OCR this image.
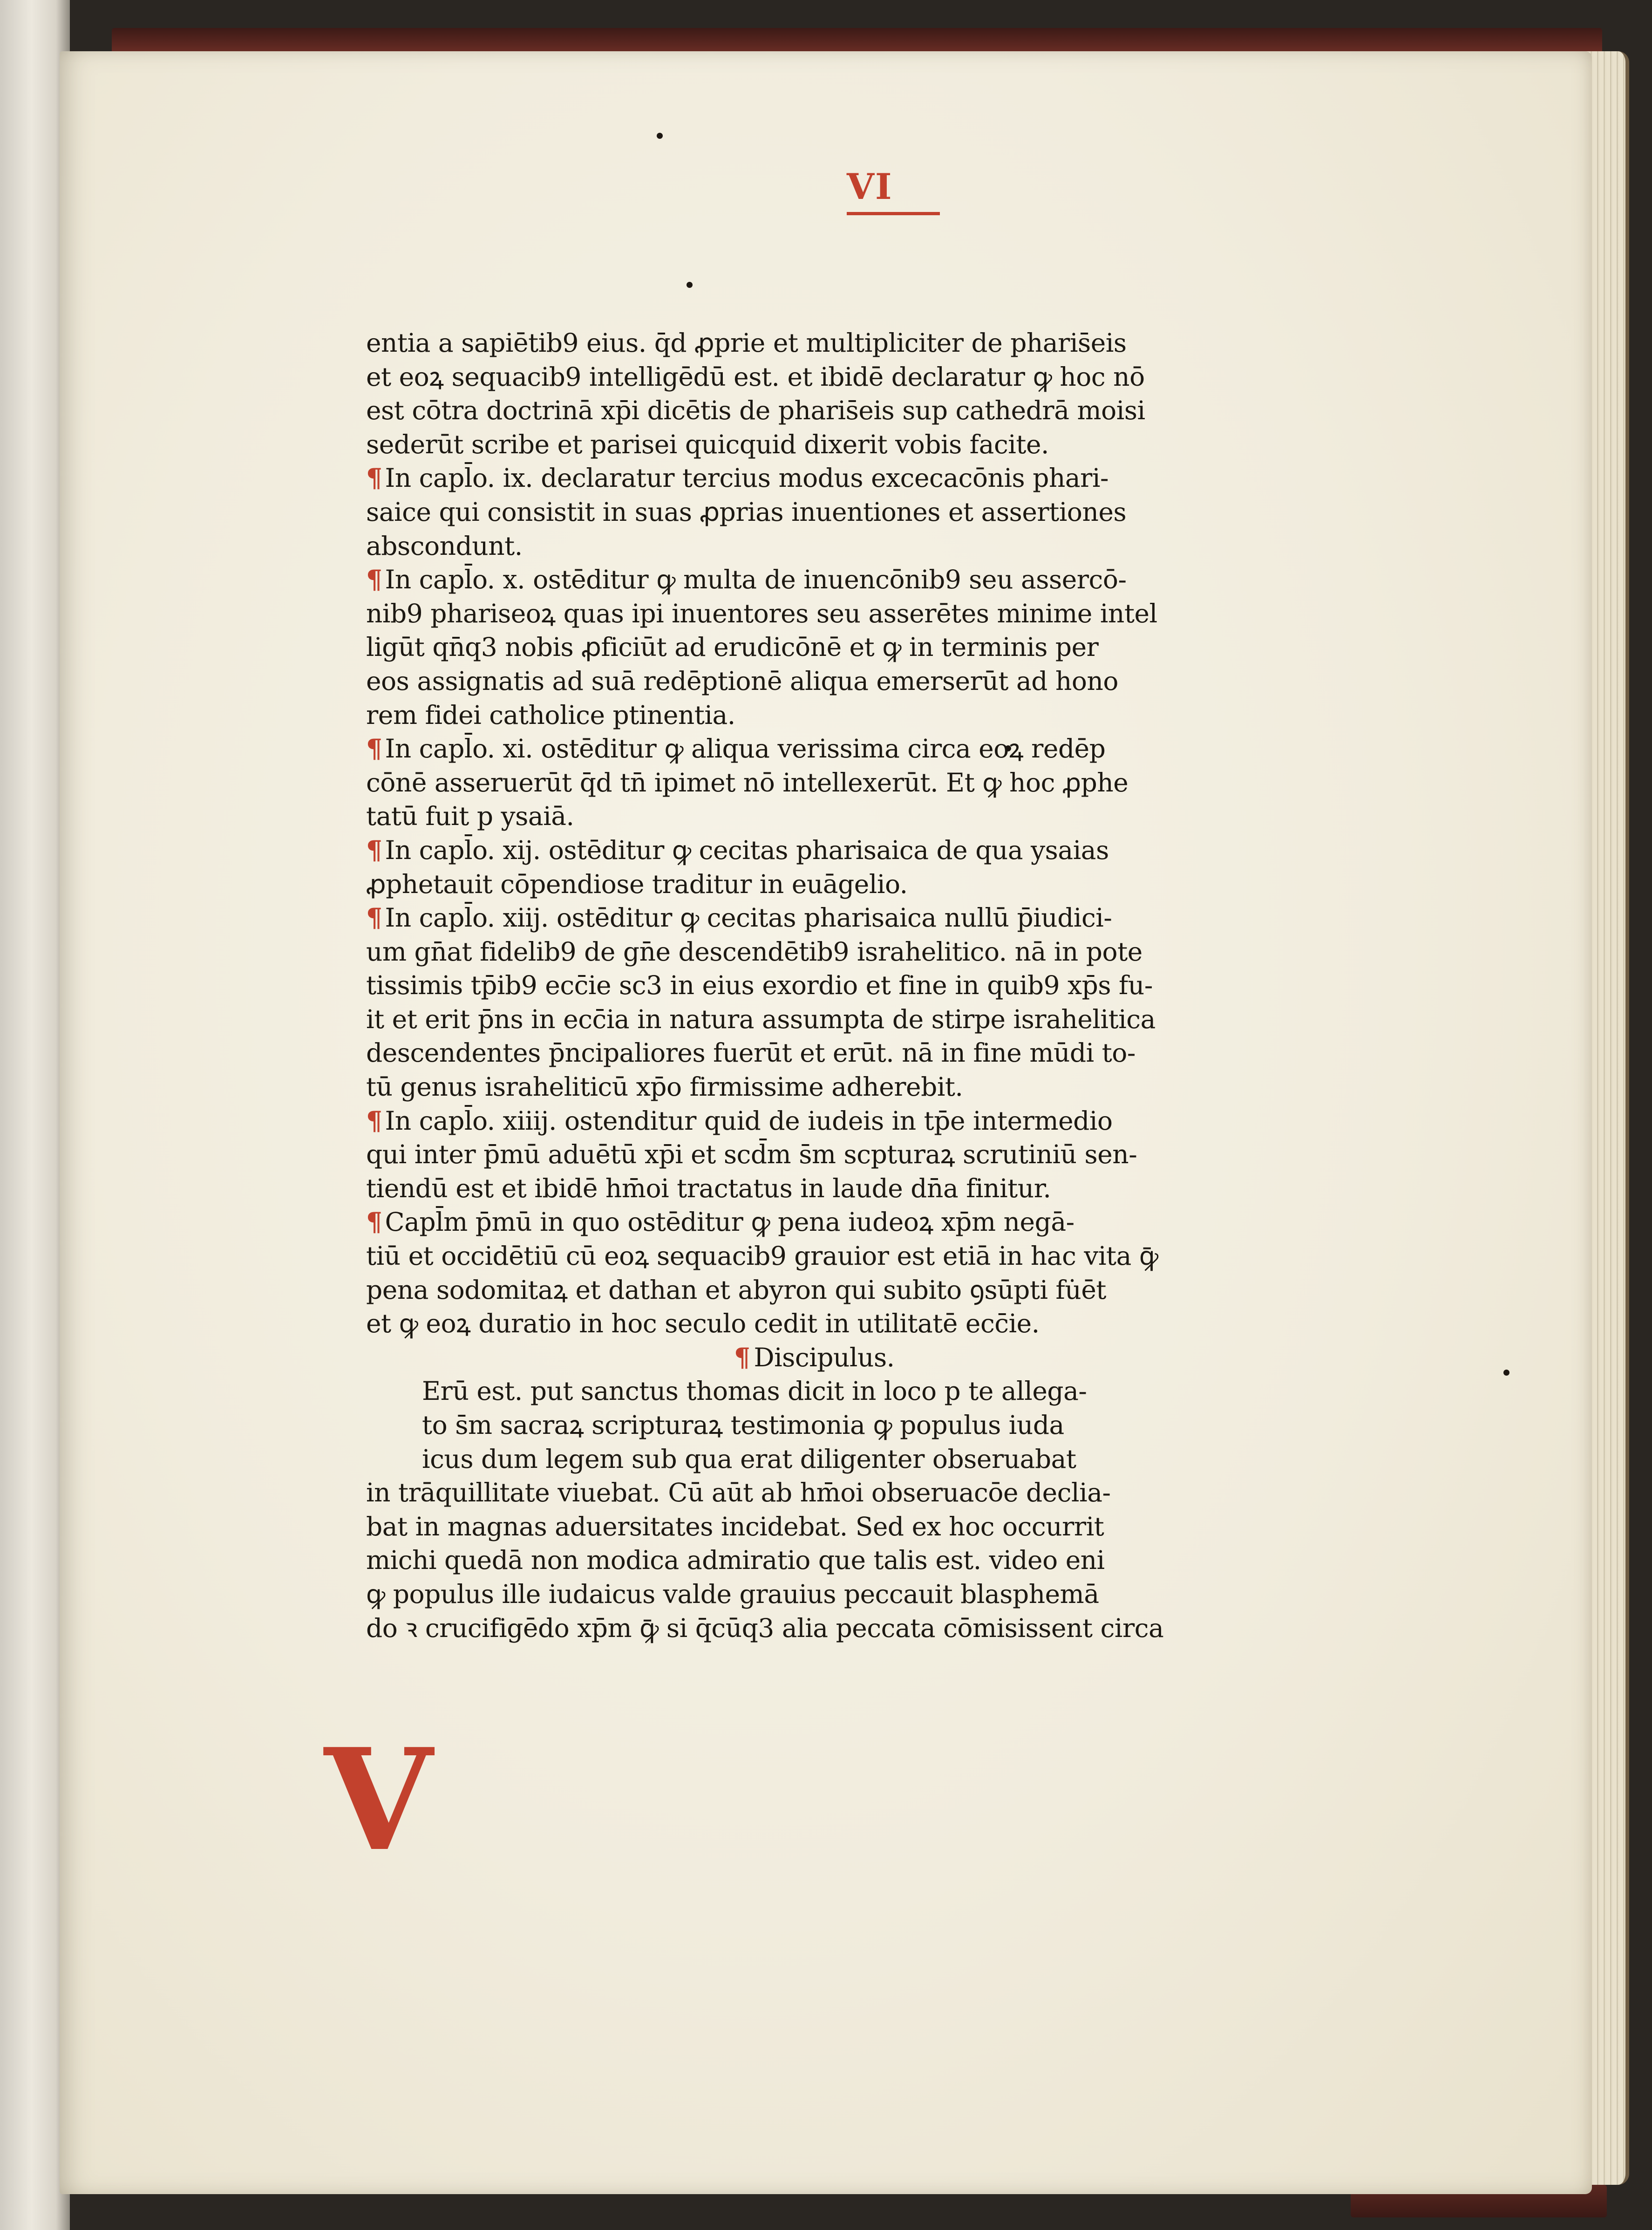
VI
entia a sapiētib9 eius. q̄d ꝓprie et multipliciter de pharis̄eis
et eoꝝ sequacib9 intelligēdū est. et ibidē declaratur ꝙ hoc nō
est cōtra doctrinā xp̄i dicētis de pharis̄eis sup cathedrā moisi
sederūt scribe et parisei quicquid dixerit vobis facite.
¶ In capl̄o. ix. declaratur tercius modus excecacōnis phari-
saice qui consistit in suas ꝓprias inuentiones et assertiones
abscondunt.
¶ In capl̄o. x. ostēditur ꝙ multa de inuencōnib9 seu assercō-
nib9 phariseoꝝ quas ipi inuentores seu asserētes minime intel
ligūt qn̄q3 nobis ꝓficiūt ad erudicōnē et ꝙ in terminis per
eos assignatis ad suā redēptionē aliqua emerserūt ad hono
rem fidei catholice ptinentia.
¶ In capl̄o. xi. ostēditur ꝙ aliqua verissima circa eoꝝ redēp
cōnē asseruerūt q̄d tn̄ ipimet nō intellexerūt. Et ꝙ hoc ꝓphe
tatū fuit p ysaiā.
¶ In capl̄o. xij. ostēditur ꝙ cecitas pharisaica de qua ysaias
ꝓphetauit cōpendiose traditur in euāgelio.
¶ In capl̄o. xiij. ostēditur ꝙ cecitas pharisaica nullū p̄iudici-
um gn̄at fidelib9 de gn̄e descendētib9 israhelitico. nā in pote
tissimis tp̄ib9 ecc̄ie sc3 in eius exordio et fine in quib9 xp̄s fu-
it et erit p̄ns in ecc̄ia in natura assumpta de stirpe israhelitica
descendentes p̄ncipaliores fuerūt et erūt. nā in fine mūdi to-
tū genus israheliticū xp̄o firmissime adherebit.
¶ In capl̄o. xiiij. ostenditur quid de iudeis in tp̄e intermedio
qui inter p̄mū aduētū xp̄i et scd̄m s̄m scpturaꝝ scrutiniū sen-
tiendū est et ibidē hm̄oi tractatus in laude dn̄a finitur.
¶ Capl̄m p̄mū in quo ostēditur ꝙ pena iudeoꝝ xp̄m negā-
tiū et occidētiū cū eoꝝ sequacib9 grauior est etiā in hac vita ꝙ̄
pena sodomitaꝝ et dathan et abyron qui subito ꝯsūpti fu̇ēt
et ꝙ eoꝝ duratio in hoc seculo cedit in utilitatē ecc̄ie.
¶ Discipulus.
V
Erū est. put sanctus thomas dicit in loco p te allega-
to s̄m sacraꝝ scripturaꝝ testimonia ꝙ populus iuda
icus dum legem sub qua erat diligenter obseruabat
in trāquillitate viuebat. Cū aūt ab hm̄oi obseruacōe declia-
bat in magnas aduersitates incidebat. Sed ex hoc occurrit
michi quedā non modica admiratio que talis est. video eni
ꝙ populus ille iudaicus valde grauius peccauit blasphemā
do ꝛ crucifigēdo xp̄m ꝙ̄ si q̄cūq3 alia peccata cōmisissent circa
